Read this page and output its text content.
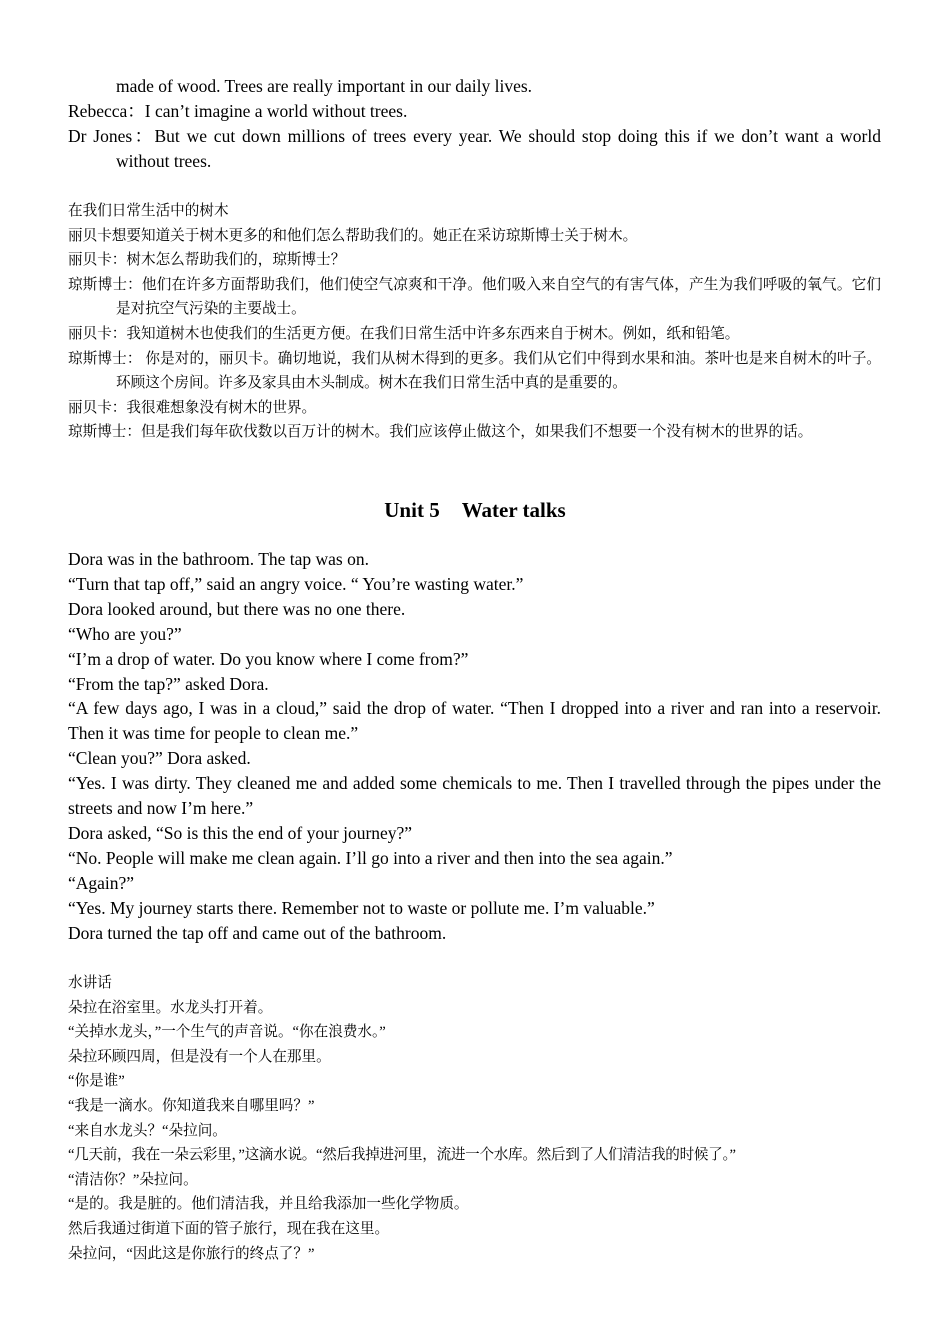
made of wood. Trees are really important in our daily lives.

Rebecca：I can’t imagine a world without trees.

Dr Jones：But we cut down millions of trees every year. We should stop doing this if we don’t want a world without trees.

在我们日常生活中的树木

丽贝卡想要知道关于树木更多的和他们怎么帮助我们的。她正在采访琼斯博士关于树木。

丽贝卡：树木怎么帮助我们的，琼斯博士？

琼斯博士：他们在许多方面帮助我们，他们使空气凉爽和干净。他们吸入来自空气的有害气体，产生为我们呼吸的氧气。它们是对抗空气污染的主要战士。

丽贝卡：我知道树木也使我们的生活更方便。在我们日常生活中许多东西来自于树木。例如，纸和铅笔。

琼斯博士： 你是对的，丽贝卡。确切地说，我们从树木得到的更多。我们从它们中得到水果和油。茶叶也是来自树木的叶子。环顾这个房间。许多及家具由木头制成。树木在我们日常生活中真的是重要的。

丽贝卡：我很难想象没有树木的世界。

琼斯博士：但是我们每年砍伐数以百万计的树木。我们应该停止做这个，如果我们不想要一个没有树木的世界的话。

Unit 5 Water talks

Dora was in the bathroom. The tap was on.

“Turn that tap off,” said an angry voice. “ You’re wasting water.”

Dora looked around, but there was no one there.

“Who are you?”

“I’m a drop of water. Do you know where I come from?”

“From the tap?” asked Dora.

“A few days ago, I was in a cloud,” said the drop of water. “Then I dropped into a river and ran into a reservoir. Then it was time for people to clean me.”

“Clean you?” Dora asked.

“Yes. I was dirty. They cleaned me and added some chemicals to me. Then I travelled through the pipes under the streets and now I’m here.”

Dora asked, “So is this the end of your journey?”

“No. People will make me clean again. I’ll go into a river and then into the sea again.”

“Again?”

“Yes. My journey starts there. Remember not to waste or pollute me. I’m valuable.”

Dora turned the tap off and came out of the bathroom.

水讲话

朵拉在浴室里。水龙头打开着。

“关掉水龙头，”一个生气的声音说。“你在浪费水。”

朵拉环顾四周，但是没有一个人在那里。

“你是谁”

“我是一滴水。你知道我来自哪里吗？”

“来自水龙头？“朵拉问。

“几天前，我在一朵云彩里，”这滴水说。“然后我掉进河里，流进一个水库。然后到了人们清洁我的时候了。”

“清洁你？”朵拉问。

“是的。我是脏的。他们清洁我，并且给我添加一些化学物质。

然后我通过街道下面的管子旅行，现在我在这里。

朵拉问，“因此这是你旅行的终点了？”
